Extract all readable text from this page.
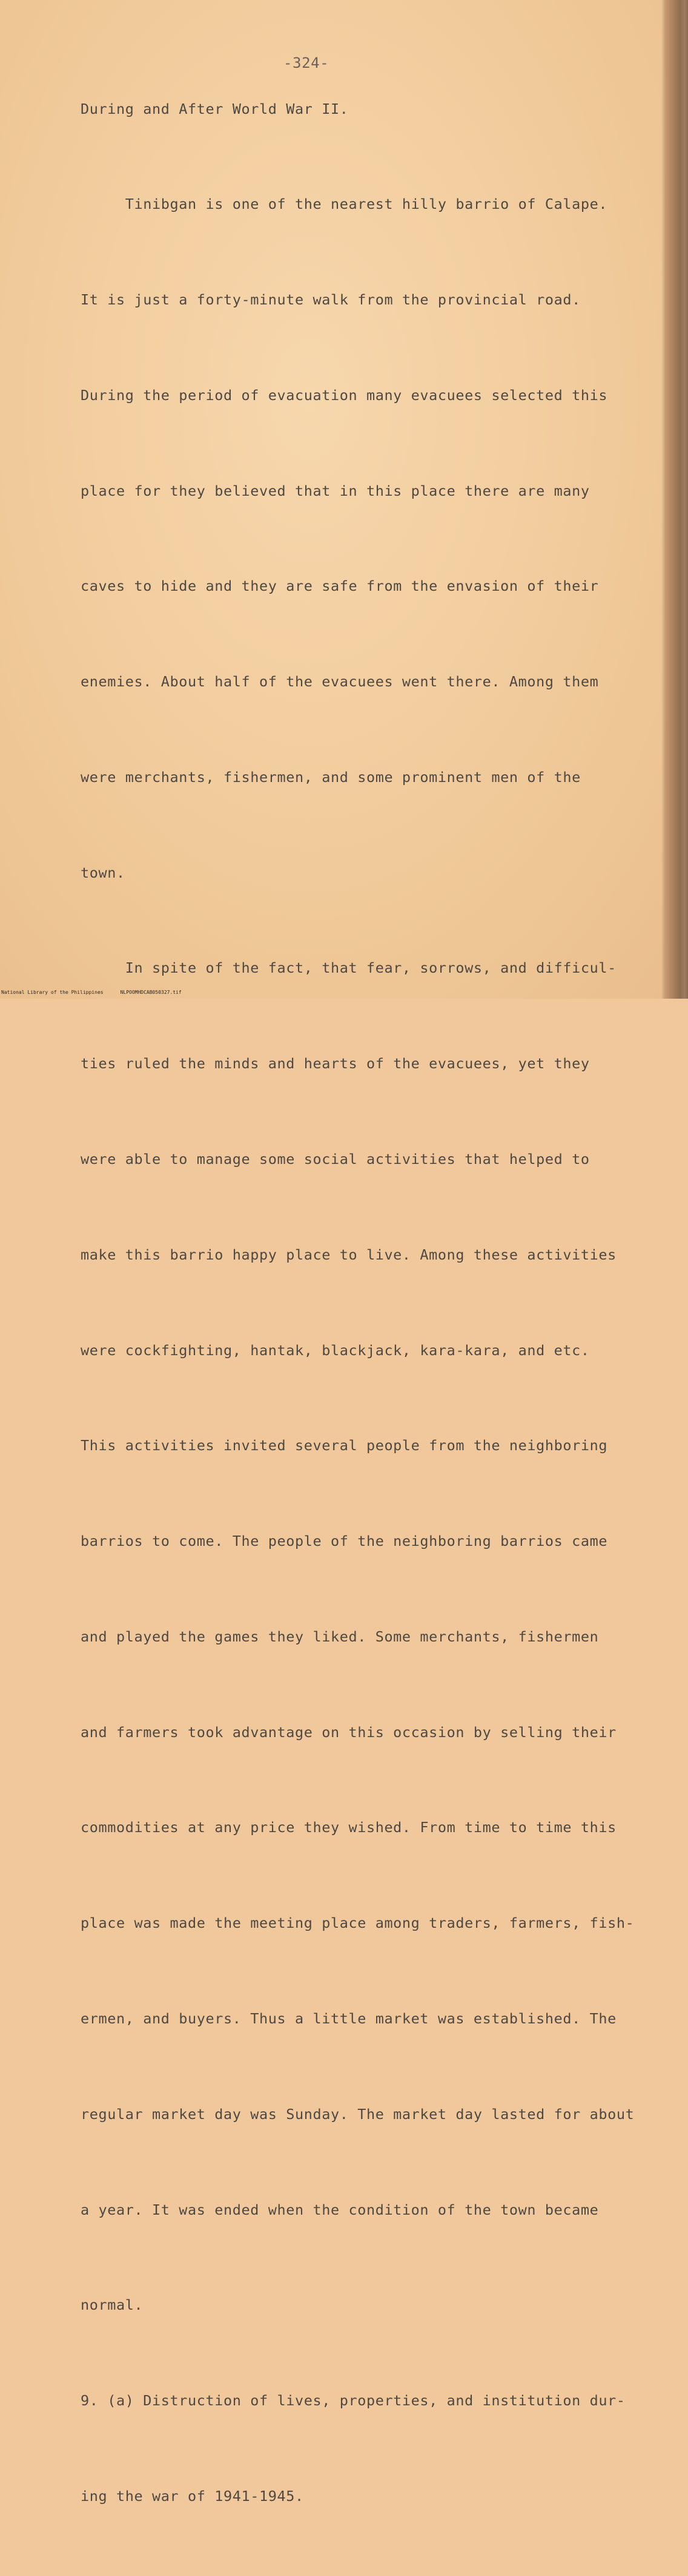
-324-
During and After World War II.

Tinibgan is one of the nearest hilly barrio of Calape.

It is just a forty-minute walk from the provincial road.

During the period of evacuation many evacuees selected this

place for they believed that in this place there are many

caves to hide and they are safe from the envasion of their

enemies. About half of the evacuees went there. Among them

were merchants, fishermen, and some prominent men of the

town.

In spite of the fact, that fear, sorrows, and difficul-

ties ruled the minds and hearts of the evacuees, yet they

were able to manage some social activities that helped to

make this barrio happy place to live. Among these activities

were cockfighting, hantak, blackjack, kara-kara, and etc.

This activities invited several people from the neighboring

barrios to come. The people of the neighboring barrios came

and played the games they liked. Some merchants, fishermen

and farmers took advantage on this occasion by selling their

commodities at any price they wished. From time to time this

place was made the meeting place among traders, farmers, fish-

ermen, and buyers. Thus a little market was established. The

regular market day was Sunday. The market day lasted for about

a year. It was ended when the condition of the town became

normal.

9. (a) Distruction of lives, properties, and institution dur-

ing the war of 1941-1945.

National Library of the Philippines	NLPOOMHDCAB050327.tif
